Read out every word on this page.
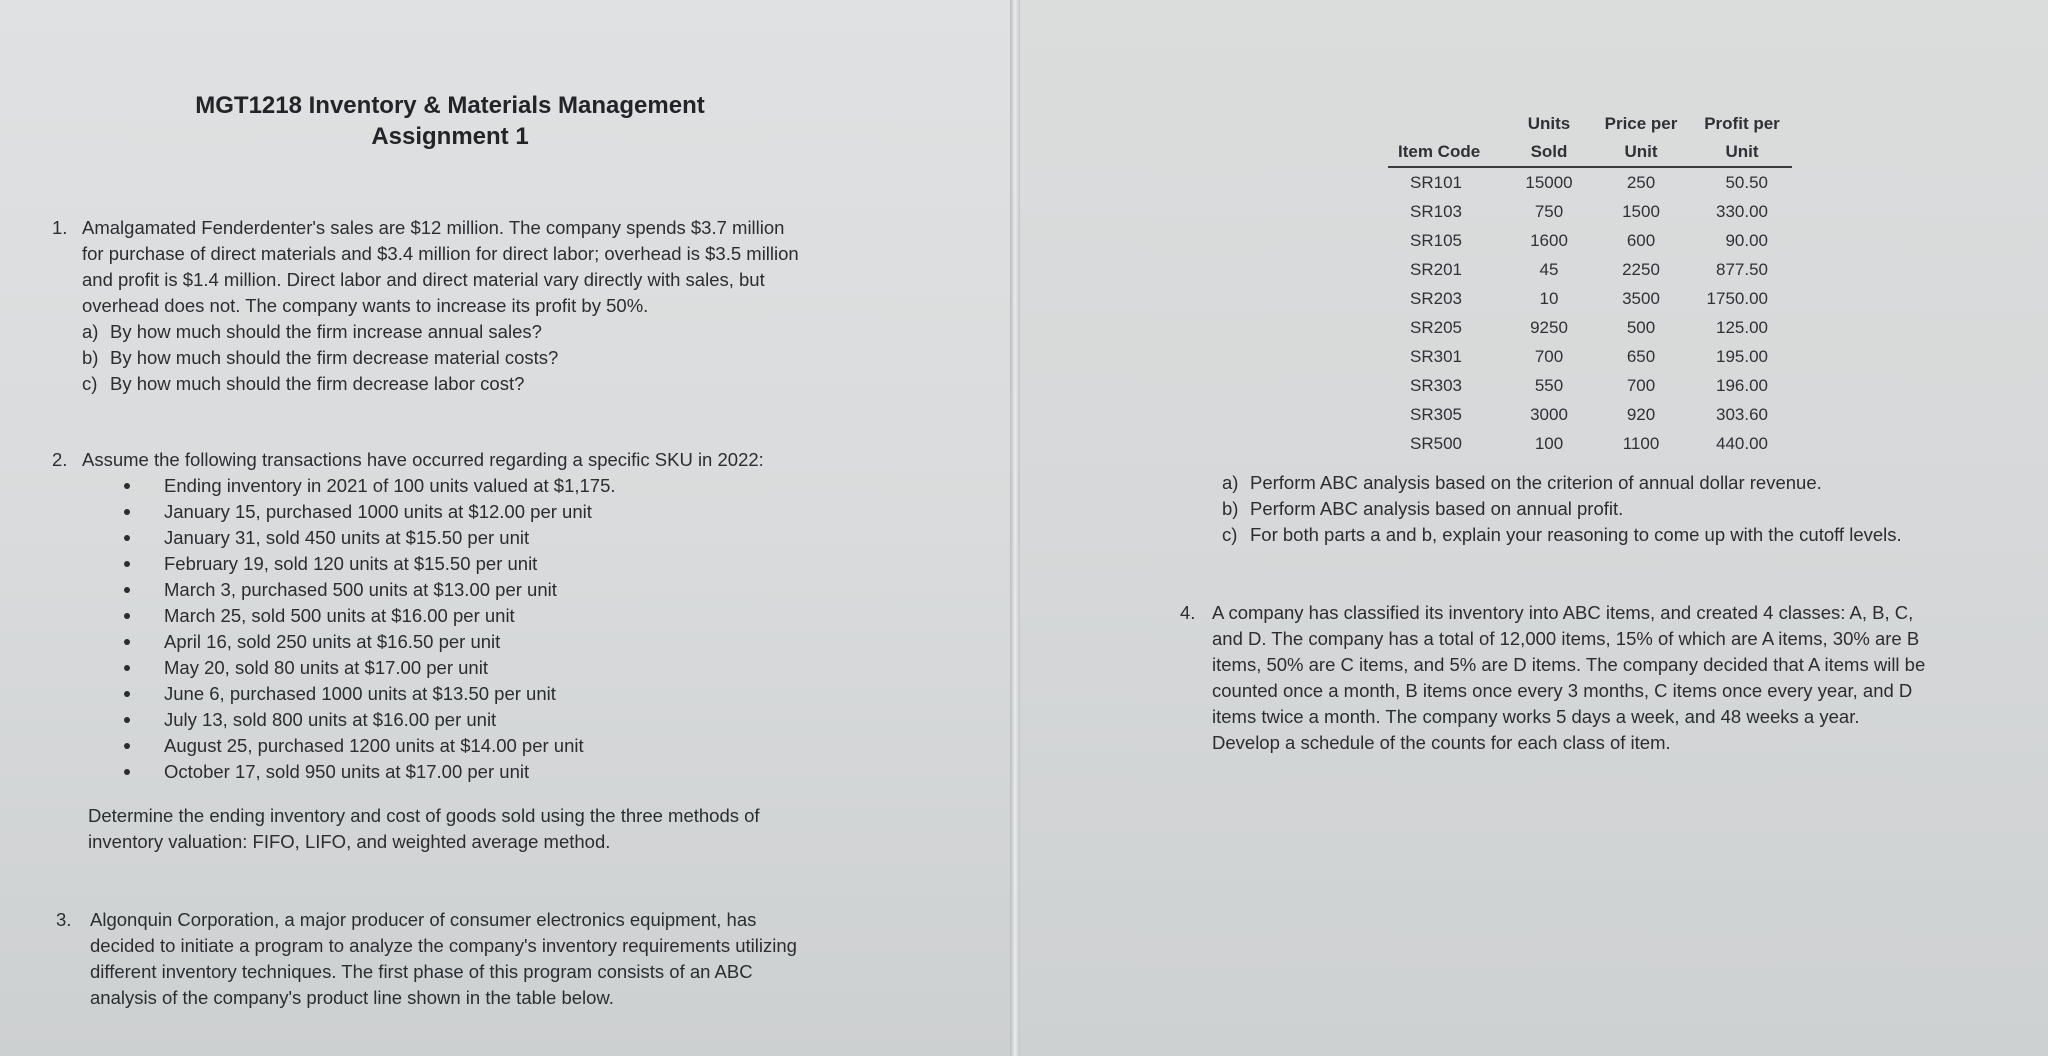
MGT1218 Inventory & Materials Management
Assignment 1
1. Amalgamated Fenderdenter's sales are $12 million. The company spends $3.7 million
for purchase of direct materials and $3.4 million for direct labor; overhead is $3.5 million
and profit is $1.4 million. Direct labor and direct material vary directly with sales, but
overhead does not. The company wants to increase its profit by 50%.
a) By how much should the firm increase annual sales?
b) By how much should the firm decrease material costs?
c) By how much should the firm decrease labor cost?
2. Assume the following transactions have occurred regarding a specific SKU in 2022:
Ending inventory in 2021 of 100 units valued at $1,175.
January 15, purchased 1000 units at $12.00 per unit
January 31, sold 450 units at $15.50 per unit
February 19, sold 120 units at $15.50 per unit
March 3, purchased 500 units at $13.00 per unit
March 25, sold 500 units at $16.00 per unit
April 16, sold 250 units at $16.50 per unit
May 20, sold 80 units at $17.00 per unit
June 6, purchased 1000 units at $13.50 per unit
July 13, sold 800 units at $16.00 per unit
August 25, purchased 1200 units at $14.00 per unit
October 17, sold 950 units at $17.00 per unit
Determine the ending inventory and cost of goods sold using the three methods of
inventory valuation: FIFO, LIFO, and weighted average method.
3. Algonquin Corporation, a major producer of consumer electronics equipment, has
decided to initiate a program to analyze the company's inventory requirements utilizing
different inventory techniques. The first phase of this program consists of an ABC
analysis of the company's product line shown in the table below.
	Units	Price per	Profit per
Item Code	Sold	Unit	Unit
SR101	15000	250	50.50
SR103	750	1500	330.00
SR105	1600	600	90.00
SR201	45	2250	877.50
SR203	10	3500	1750.00
SR205	9250	500	125.00
SR301	700	650	195.00
SR303	550	700	196.00
SR305	3000	920	303.60
SR500	100	1100	440.00
a) Perform ABC analysis based on the criterion of annual dollar revenue.
b) Perform ABC analysis based on annual profit.
c) For both parts a and b, explain your reasoning to come up with the cutoff levels.
4. A company has classified its inventory into ABC items, and created 4 classes: A, B, C,
and D. The company has a total of 12,000 items, 15% of which are A items, 30% are B
items, 50% are C items, and 5% are D items. The company decided that A items will be
counted once a month, B items once every 3 months, C items once every year, and D
items twice a month. The company works 5 days a week, and 48 weeks a year.
Develop a schedule of the counts for each class of item.
